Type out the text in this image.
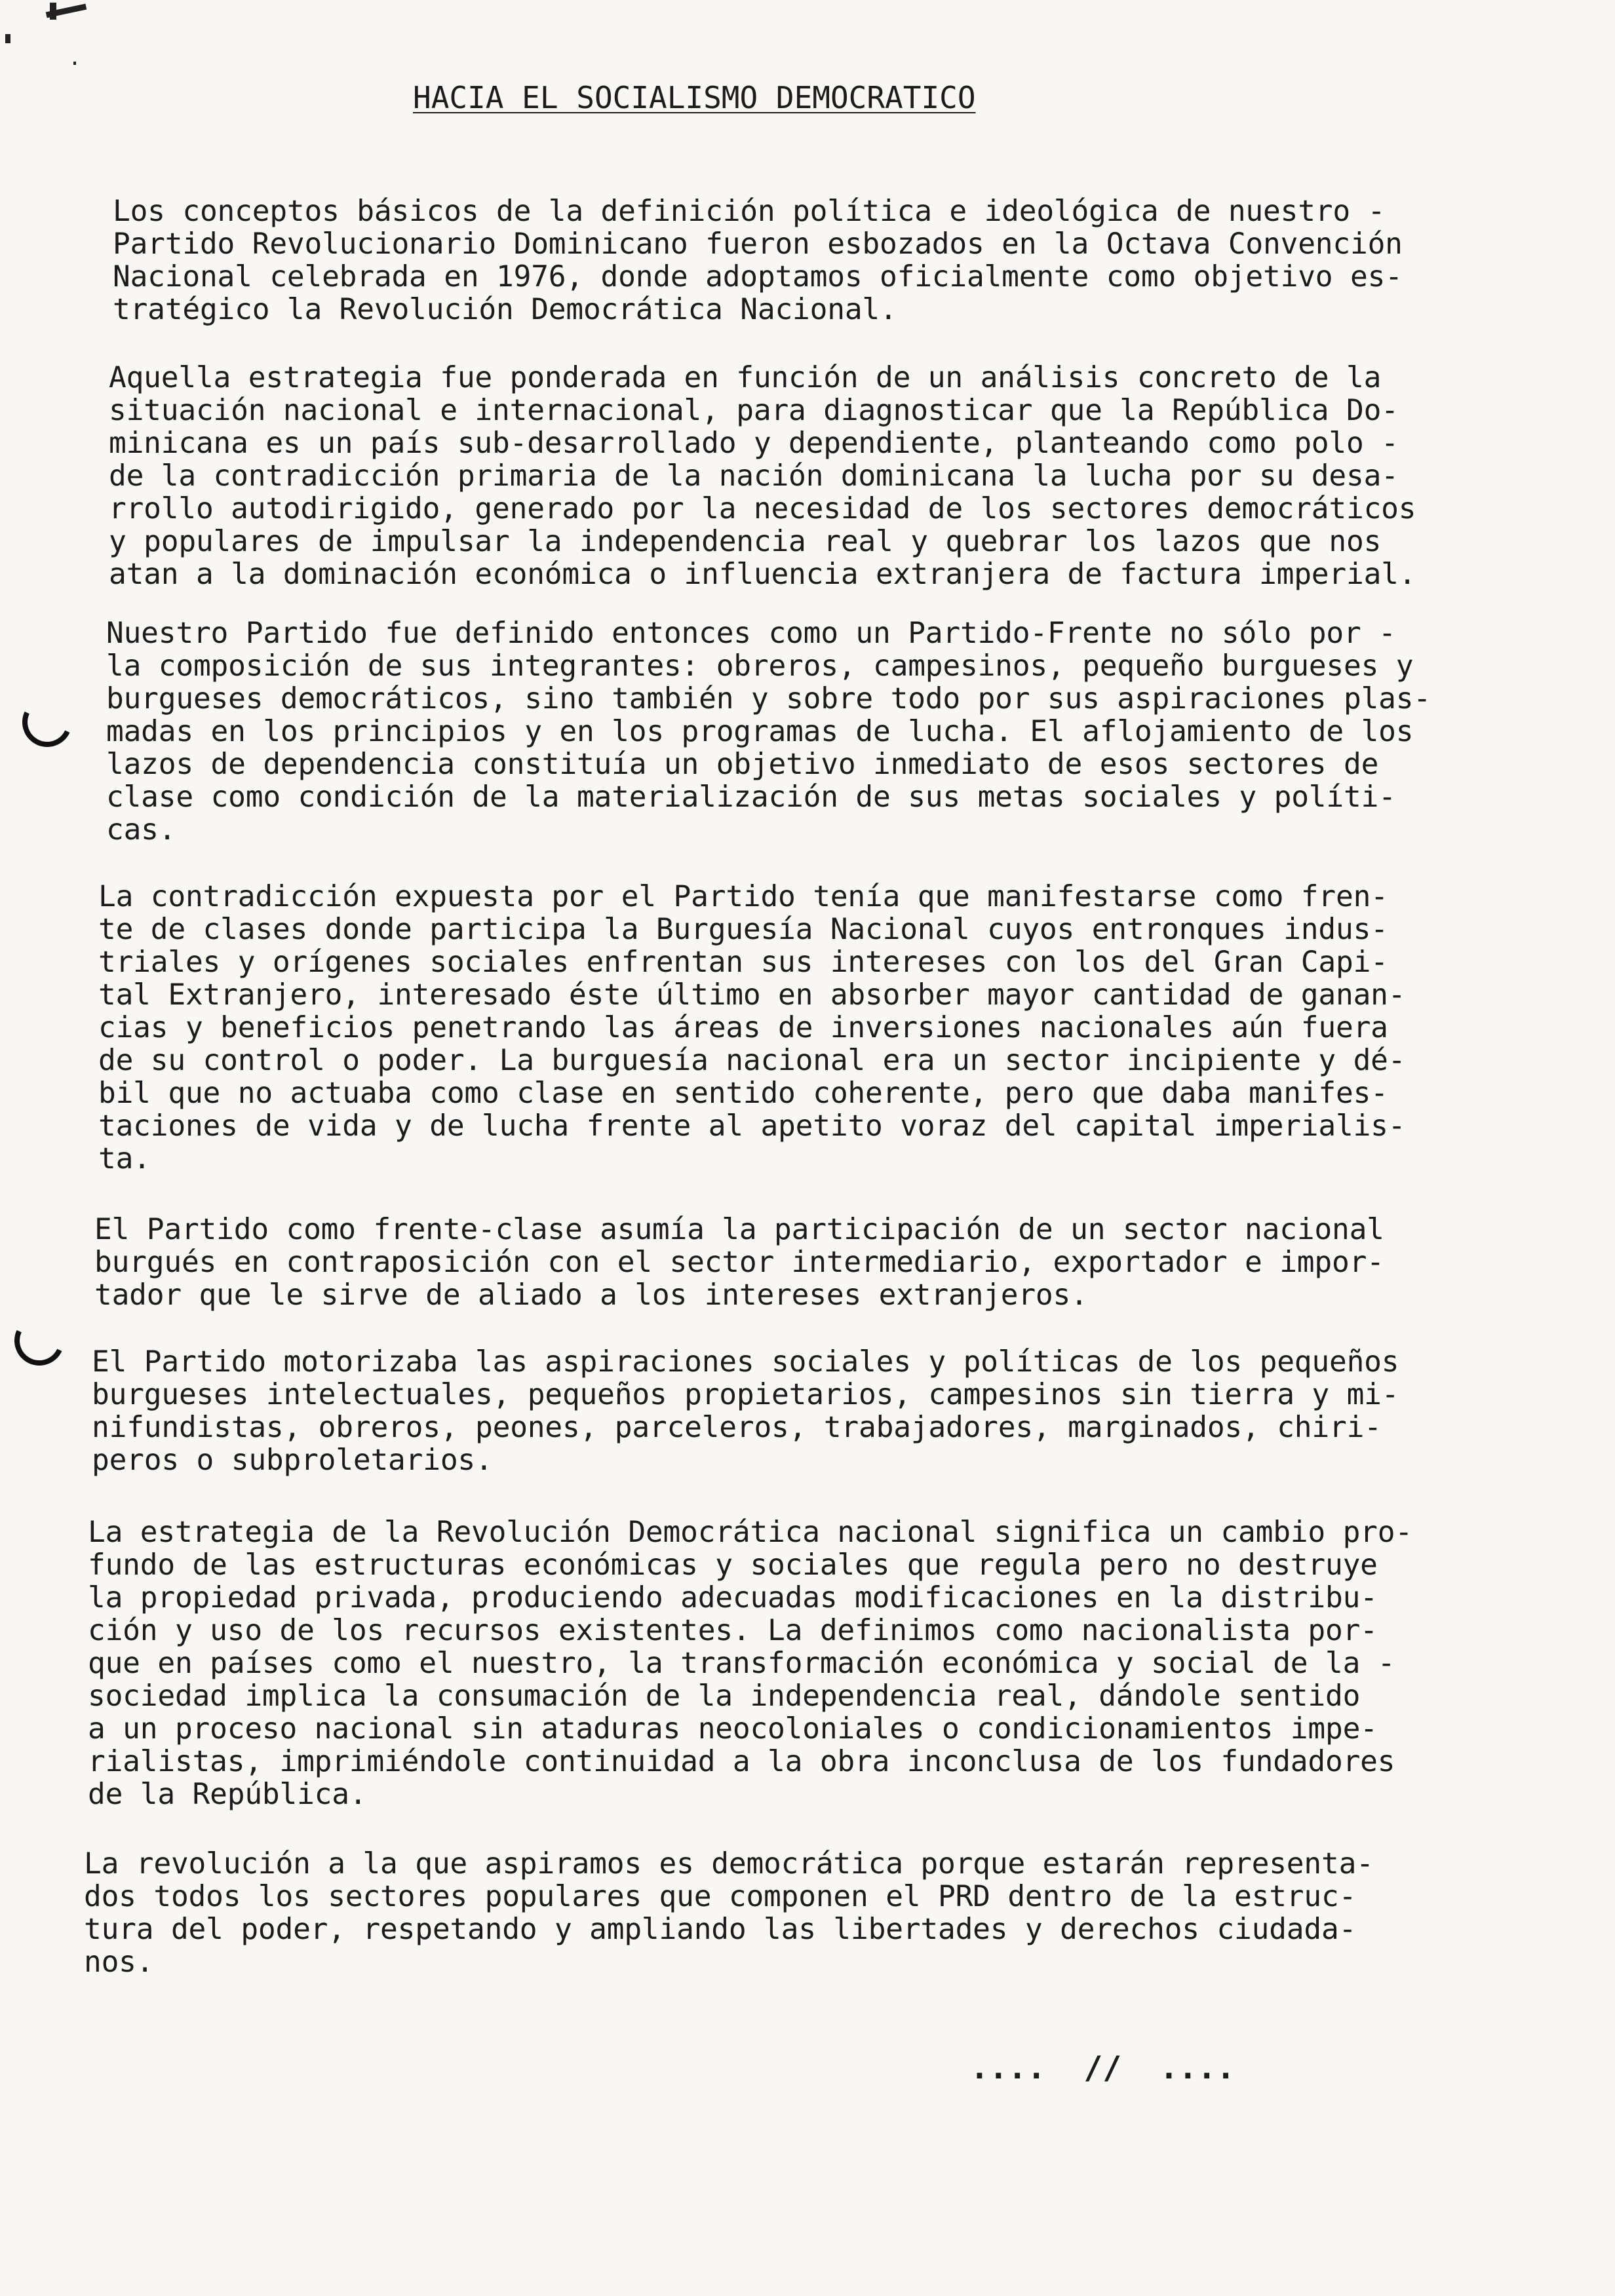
HACIA EL SOCIALISMO DEMOCRATICO
Los conceptos básicos de la definición política e ideológica de nuestro -
Partido Revolucionario Dominicano fueron esbozados en la Octava Convención
Nacional celebrada en 1976, donde adoptamos oficialmente como objetivo es-
tratégico la Revolución Democrática Nacional.
Aquella estrategia fue ponderada en función de un análisis concreto de la
situación nacional e internacional, para diagnosticar que la República Do-
minicana es un país sub-desarrollado y dependiente, planteando como polo -
de la contradicción primaria de la nación dominicana la lucha por su desa-
rrollo autodirigido, generado por la necesidad de los sectores democráticos
y populares de impulsar la independencia real y quebrar los lazos que nos
atan a la dominación económica o influencia extranjera de factura imperial.
Nuestro Partido fue definido entonces como un Partido-Frente no sólo por -
la composición de sus integrantes: obreros, campesinos, pequeño burgueses y
burgueses democráticos, sino también y sobre todo por sus aspiraciones plas-
madas en los principios y en los programas de lucha. El aflojamiento de los
lazos de dependencia constituía un objetivo inmediato de esos sectores de
clase como condición de la materialización de sus metas sociales y políti-
cas.
La contradicción expuesta por el Partido tenía que manifestarse como fren-
te de clases donde participa la Burguesía Nacional cuyos entronques indus-
triales y orígenes sociales enfrentan sus intereses con los del Gran Capi-
tal Extranjero, interesado éste último en absorber mayor cantidad de ganan-
cias y beneficios penetrando las áreas de inversiones nacionales aún fuera
de su control o poder. La burguesía nacional era un sector incipiente y dé-
bil que no actuaba como clase en sentido coherente, pero que daba manifes-
taciones de vida y de lucha frente al apetito voraz del capital imperialis-
ta.
El Partido como frente-clase asumía la participación de un sector nacional
burgués en contraposición con el sector intermediario, exportador e impor-
tador que le sirve de aliado a los intereses extranjeros.
El Partido motorizaba las aspiraciones sociales y políticas de los pequeños
burgueses intelectuales, pequeños propietarios, campesinos sin tierra y mi-
nifundistas, obreros, peones, parceleros, trabajadores, marginados, chiri-
peros o subproletarios.
La estrategia de la Revolución Democrática nacional significa un cambio pro-
fundo de las estructuras económicas y sociales que regula pero no destruye
la propiedad privada, produciendo adecuadas modificaciones en la distribu-
ción y uso de los recursos existentes. La definimos como nacionalista por-
que en países como el nuestro, la transformación económica y social de la -
sociedad implica la consumación de la independencia real, dándole sentido
a un proceso nacional sin ataduras neocoloniales o condicionamientos impe-
rialistas, imprimiéndole continuidad a la obra inconclusa de los fundadores
de la República.
La revolución a la que aspiramos es democrática porque estarán representa-
dos todos los sectores populares que componen el PRD dentro de la estruc-
tura del poder, respetando y ampliando las libertades y derechos ciudada-
nos.
....  //  ....
